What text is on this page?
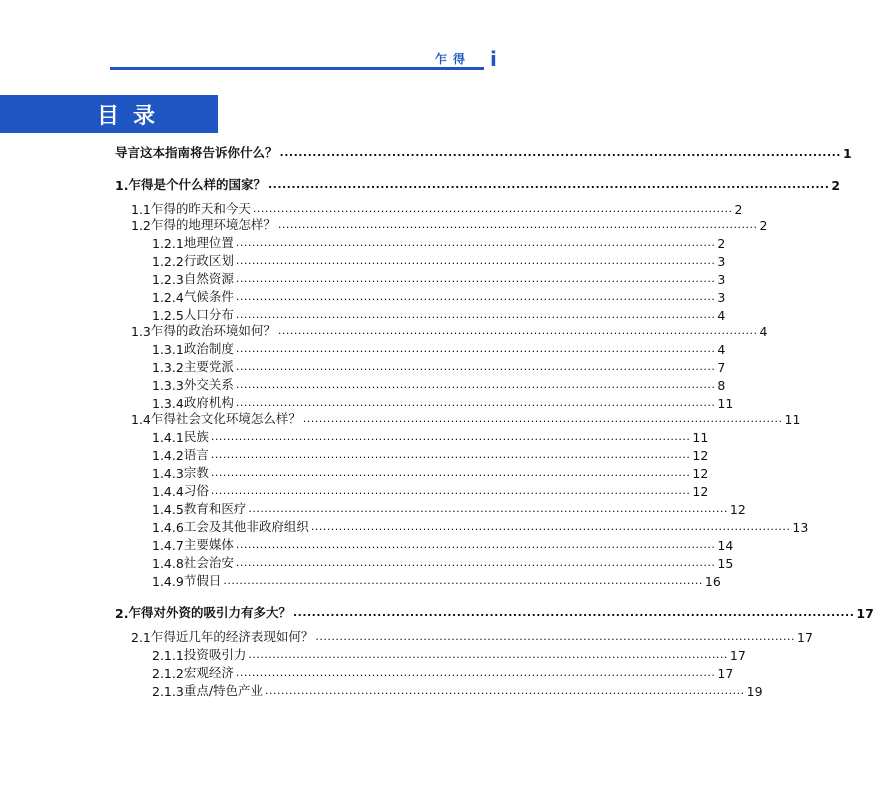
乍得 i
目录
导言 这本指南将告诉你什么？ ........................................................................................................................ 1
1. 乍得是个什么样的国家？ ........................................................................................................................ 2
1.1 乍得的昨天和今天 ........................................................................................................................ 2
1.2 乍得的地理环境怎样？ ........................................................................................................................ 2
1.2.1 地理位置 ........................................................................................................................ 2
1.2.2 行政区划 ........................................................................................................................ 3
1.2.3 自然资源 ........................................................................................................................ 3
1.2.4 气候条件 ........................................................................................................................ 3
1.2.5 人口分布 ........................................................................................................................ 4
1.3 乍得的政治环境如何？ ........................................................................................................................ 4
1.3.1 政治制度 ........................................................................................................................ 4
1.3.2 主要党派 ........................................................................................................................ 7
1.3.3 外交关系 ........................................................................................................................ 8
1.3.4 政府机构 ........................................................................................................................ 11
1.4 乍得社会文化环境怎么样？ ........................................................................................................................ 11
1.4.1 民族 ........................................................................................................................ 11
1.4.2 语言 ........................................................................................................................ 12
1.4.3 宗教 ........................................................................................................................ 12
1.4.4 习俗 ........................................................................................................................ 12
1.4.5 教育和医疗 ........................................................................................................................ 12
1.4.6 工会及其他非政府组织 ........................................................................................................................ 13
1.4.7 主要媒体 ........................................................................................................................ 14
1.4.8 社会治安 ........................................................................................................................ 15
1.4.9 节假日 ........................................................................................................................ 16
2. 乍得对外资的吸引力有多大？ ........................................................................................................................ 17
2.1 乍得近几年的经济表现如何？ ........................................................................................................................ 17
2.1.1 投资吸引力 ........................................................................................................................ 17
2.1.2 宏观经济 ........................................................................................................................ 17
2.1.3 重点/特色产业 ........................................................................................................................ 19
